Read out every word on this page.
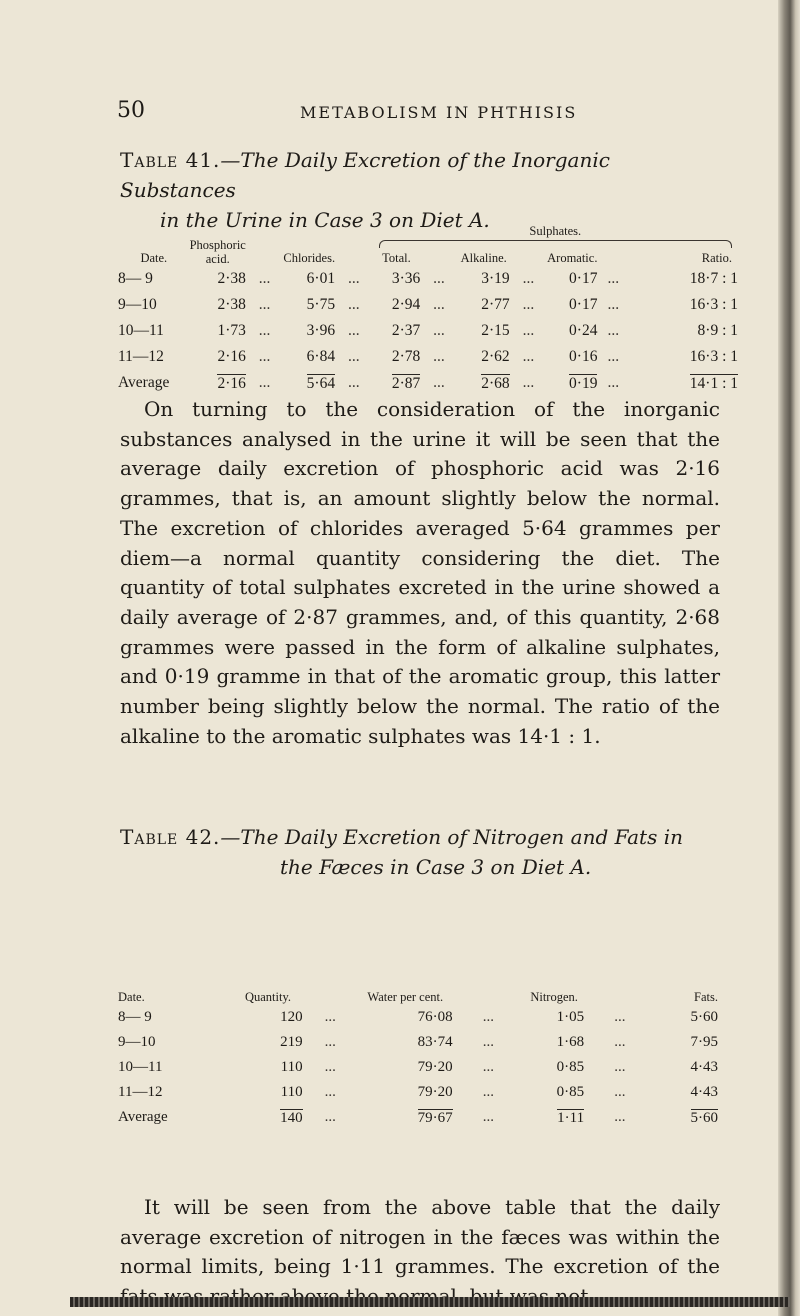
50	METABOLISM IN PHTHISIS
Table 41.—The Daily Excretion of the Inorganic Substances
in the Urine in Case 3 on Diet A.
Date.	Phosphoric acid.		Chlorides.		Sulphates.						

					Total.		Alkaline.		Aromatic.		Ratio.
8— 9	2·38	...	6·01	...	3·36	...	3·19	...	0·17	...	18·7 : 1
9—10	2·38	...	5·75	...	2·94	...	2·77	...	0·17	...	16·3 : 1
10—11	1·73	...	3·96	...	2·37	...	2·15	...	0·24	...	8·9 : 1
11—12	2·16	...	6·84	...	2·78	...	2·62	...	0·16	...	16·3 : 1
Average	2·16	...	5·64	...	2·87	...	2·68	...	0·19	...	14·1 : 1
On turning to the consideration of the inorganic substances analysed in the urine it will be seen that the average daily excretion of phosphoric acid was 2·16 grammes, that is, an amount slightly below the normal. The excretion of chlorides averaged 5·64 grammes per diem—a normal quantity considering the diet. The quantity of total sulphates excreted in the urine showed a daily average of 2·87 grammes, and, of this quantity, 2·68 grammes were passed in the form of alkaline sulphates, and 0·19 gramme in that of the aromatic group, this latter number being slightly below the normal. The ratio of the alkaline to the aromatic sulphates was 14·1 : 1.
Table 42.—The Daily Excretion of Nitrogen and Fats in
the Fæces in Case 3 on Diet A.
Date.	Quantity.		Water per cent.		Nitrogen.		Fats.
8— 9	120	...	76·08	...	1·05	...	5·60
9—10	219	...	83·74	...	1·68	...	7·95
10—11	110	...	79·20	...	0·85	...	4·43
11—12	110	...	79·20	...	0·85	...	4·43
Average	140	...	79·67	...	1·11	...	5·60
It will be seen from the above table that the daily average excretion of nitrogen in the fæces was within the normal limits, being 1·11 grammes. The excretion of the
